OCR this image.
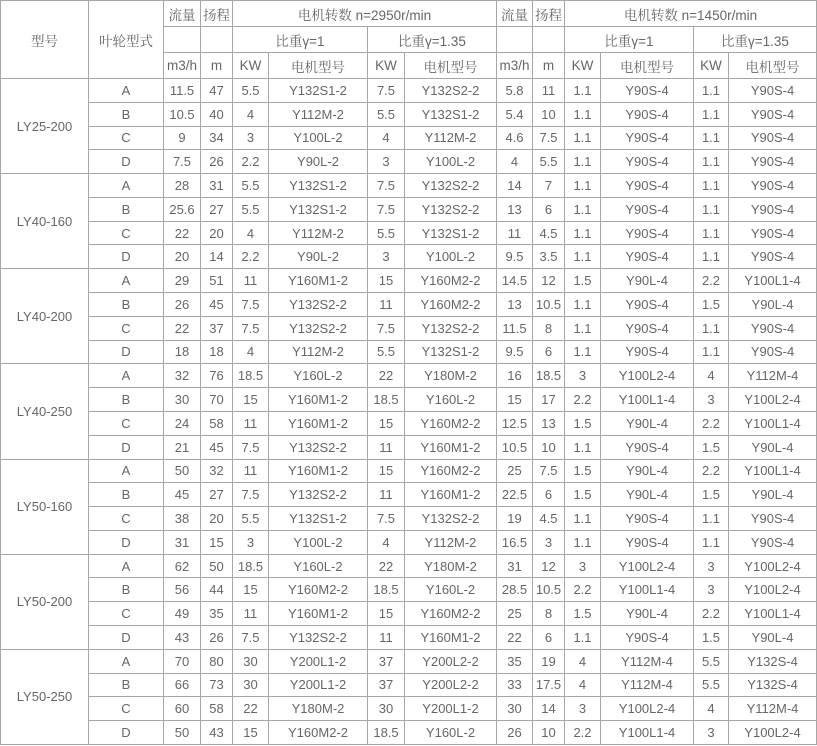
型号	叶轮型式	流量	扬程	电机转数 n=2950r/min				流量	扬程	电机转数 n=1450r/min			
				比重γ=1		比重γ=1.35				比重γ=1		比重γ=1.35	
		m3/h	m	KW	电机型号	KW	电机型号	m3/h	m	KW	电机型号	KW	电机型号
LY25-200	A	11.5	47	5.5	Y132S1-2	7.5	Y132S2-2	5.8	11	1.1	Y90S-4	1.1	Y90S-4
	B	10.5	40	4	Y112M-2	5.5	Y132S1-2	5.4	10	1.1	Y90S-4	1.1	Y90S-4
	C	9	34	3	Y100L-2	4	Y112M-2	4.6	7.5	1.1	Y90S-4	1.1	Y90S-4
	D	7.5	26	2.2	Y90L-2	3	Y100L-2	4	5.5	1.1	Y90S-4	1.1	Y90S-4
LY40-160	A	28	31	5.5	Y132S1-2	7.5	Y132S2-2	14	7	1.1	Y90S-4	1.1	Y90S-4
	B	25.6	27	5.5	Y132S1-2	7.5	Y132S2-2	13	6	1.1	Y90S-4	1.1	Y90S-4
	C	22	20	4	Y112M-2	5.5	Y132S1-2	11	4.5	1.1	Y90S-4	1.1	Y90S-4
	D	20	14	2.2	Y90L-2	3	Y100L-2	9.5	3.5	1.1	Y90S-4	1.1	Y90S-4
LY40-200	A	29	51	11	Y160M1-2	15	Y160M2-2	14.5	12	1.5	Y90L-4	2.2	Y100L1-4
	B	26	45	7.5	Y132S2-2	11	Y160M2-2	13	10.5	1.1	Y90S-4	1.5	Y90L-4
	C	22	37	7.5	Y132S2-2	7.5	Y132S2-2	11.5	8	1.1	Y90S-4	1.1	Y90S-4
	D	18	18	4	Y112M-2	5.5	Y132S1-2	9.5	6	1.1	Y90S-4	1.1	Y90S-4
LY40-250	A	32	76	18.5	Y160L-2	22	Y180M-2	16	18.5	3	Y100L2-4	4	Y112M-4
	B	30	70	15	Y160M1-2	18.5	Y160L-2	15	17	2.2	Y100L1-4	3	Y100L2-4
	C	24	58	11	Y160M1-2	15	Y160M2-2	12.5	13	1.5	Y90L-4	2.2	Y100L1-4
	D	21	45	7.5	Y132S2-2	11	Y160M1-2	10.5	10	1.1	Y90S-4	1.5	Y90L-4
LY50-160	A	50	32	11	Y160M1-2	15	Y160M2-2	25	7.5	1.5	Y90L-4	2.2	Y100L1-4
	B	45	27	7.5	Y132S2-2	11	Y160M1-2	22.5	6	1.5	Y90L-4	1.5	Y90L-4
	C	38	20	5.5	Y132S1-2	7.5	Y132S2-2	19	4.5	1.1	Y90S-4	1.1	Y90S-4
	D	31	15	3	Y100L-2	4	Y112M-2	16.5	3	1.1	Y90S-4	1.1	Y90S-4
LY50-200	A	62	50	18.5	Y160L-2	22	Y180M-2	31	12	3	Y100L2-4	3	Y100L2-4
	B	56	44	15	Y160M2-2	18.5	Y160L-2	28.5	10.5	2.2	Y100L1-4	3	Y100L2-4
	C	49	35	11	Y160M1-2	15	Y160M2-2	25	8	1.5	Y90L-4	2.2	Y100L1-4
	D	43	26	7.5	Y132S2-2	11	Y160M1-2	22	6	1.1	Y90S-4	1.5	Y90L-4
LY50-250	A	70	80	30	Y200L1-2	37	Y200L2-2	35	19	4	Y112M-4	5.5	Y132S-4
	B	66	73	30	Y200L1-2	37	Y200L2-2	33	17.5	4	Y112M-4	5.5	Y132S-4
	C	60	58	22	Y180M-2	30	Y200L1-2	30	14	3	Y100L2-4	4	Y112M-4
	D	50	43	15	Y160M2-2	18.5	Y160L-2	26	10	2.2	Y100L1-4	3	Y100L2-4
